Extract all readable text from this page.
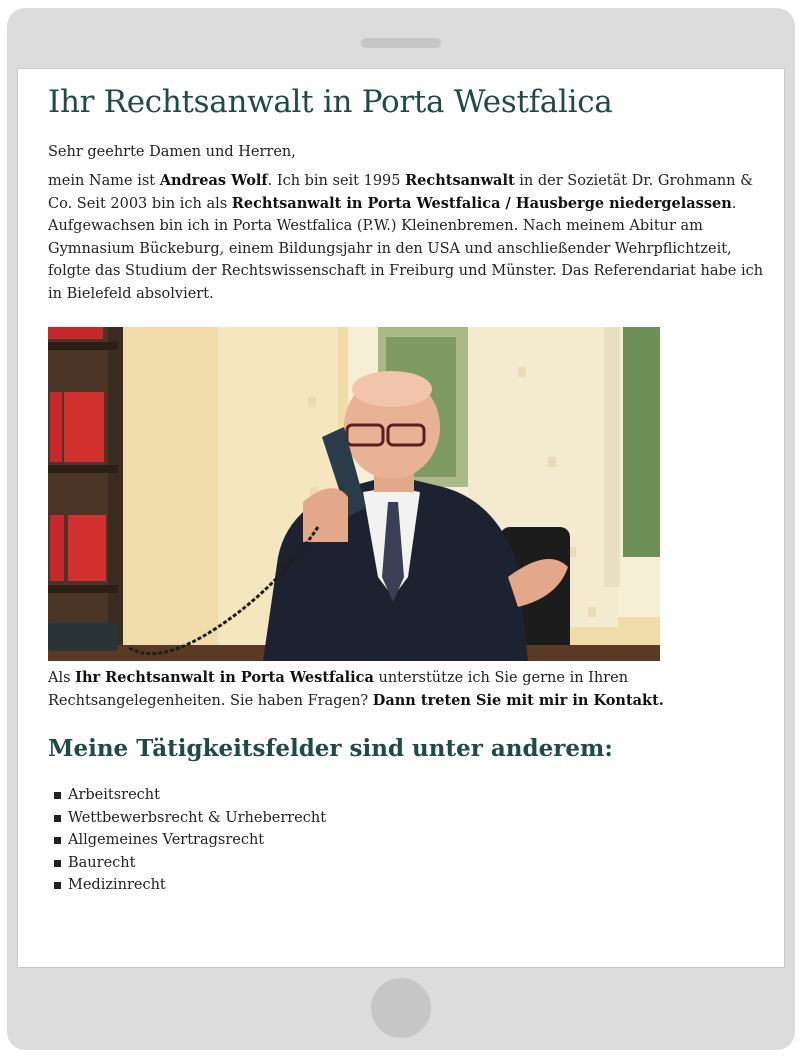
Ihr Rechtsanwalt in Porta Westfalica

Sehr geehrte Damen und Herren,

mein Name ist Andreas Wolf. Ich bin seit 1995 Rechtsanwalt in der Sozietät Dr. Grohmann & Co. Seit 2003 bin ich als Rechtsanwalt in Porta Westfalica / Hausberge niedergelassen. Aufgewachsen bin ich in Porta Westfalica (P.W.) Kleinenbremen. Nach meinem Abitur am Gymnasium Bückeburg, einem Bildungsjahr in den USA und anschließender Wehrpflichtzeit, folgte das Studium der Rechtswissenschaft in Freiburg und Münster. Das Referendariat habe ich in Bielefeld absolviert.

Als Ihr Rechtsanwalt in Porta Westfalica unterstütze ich Sie gerne in Ihren Rechtsangelegenheiten. Sie haben Fragen? Dann treten Sie mit mir in Kontakt.

Meine Tätigkeitsfelder sind unter anderem:
Arbeitsrecht
Wettbewerbsrecht & Urheberrecht
Allgemeines Vertragsrecht
Baurecht
Medizinrecht
